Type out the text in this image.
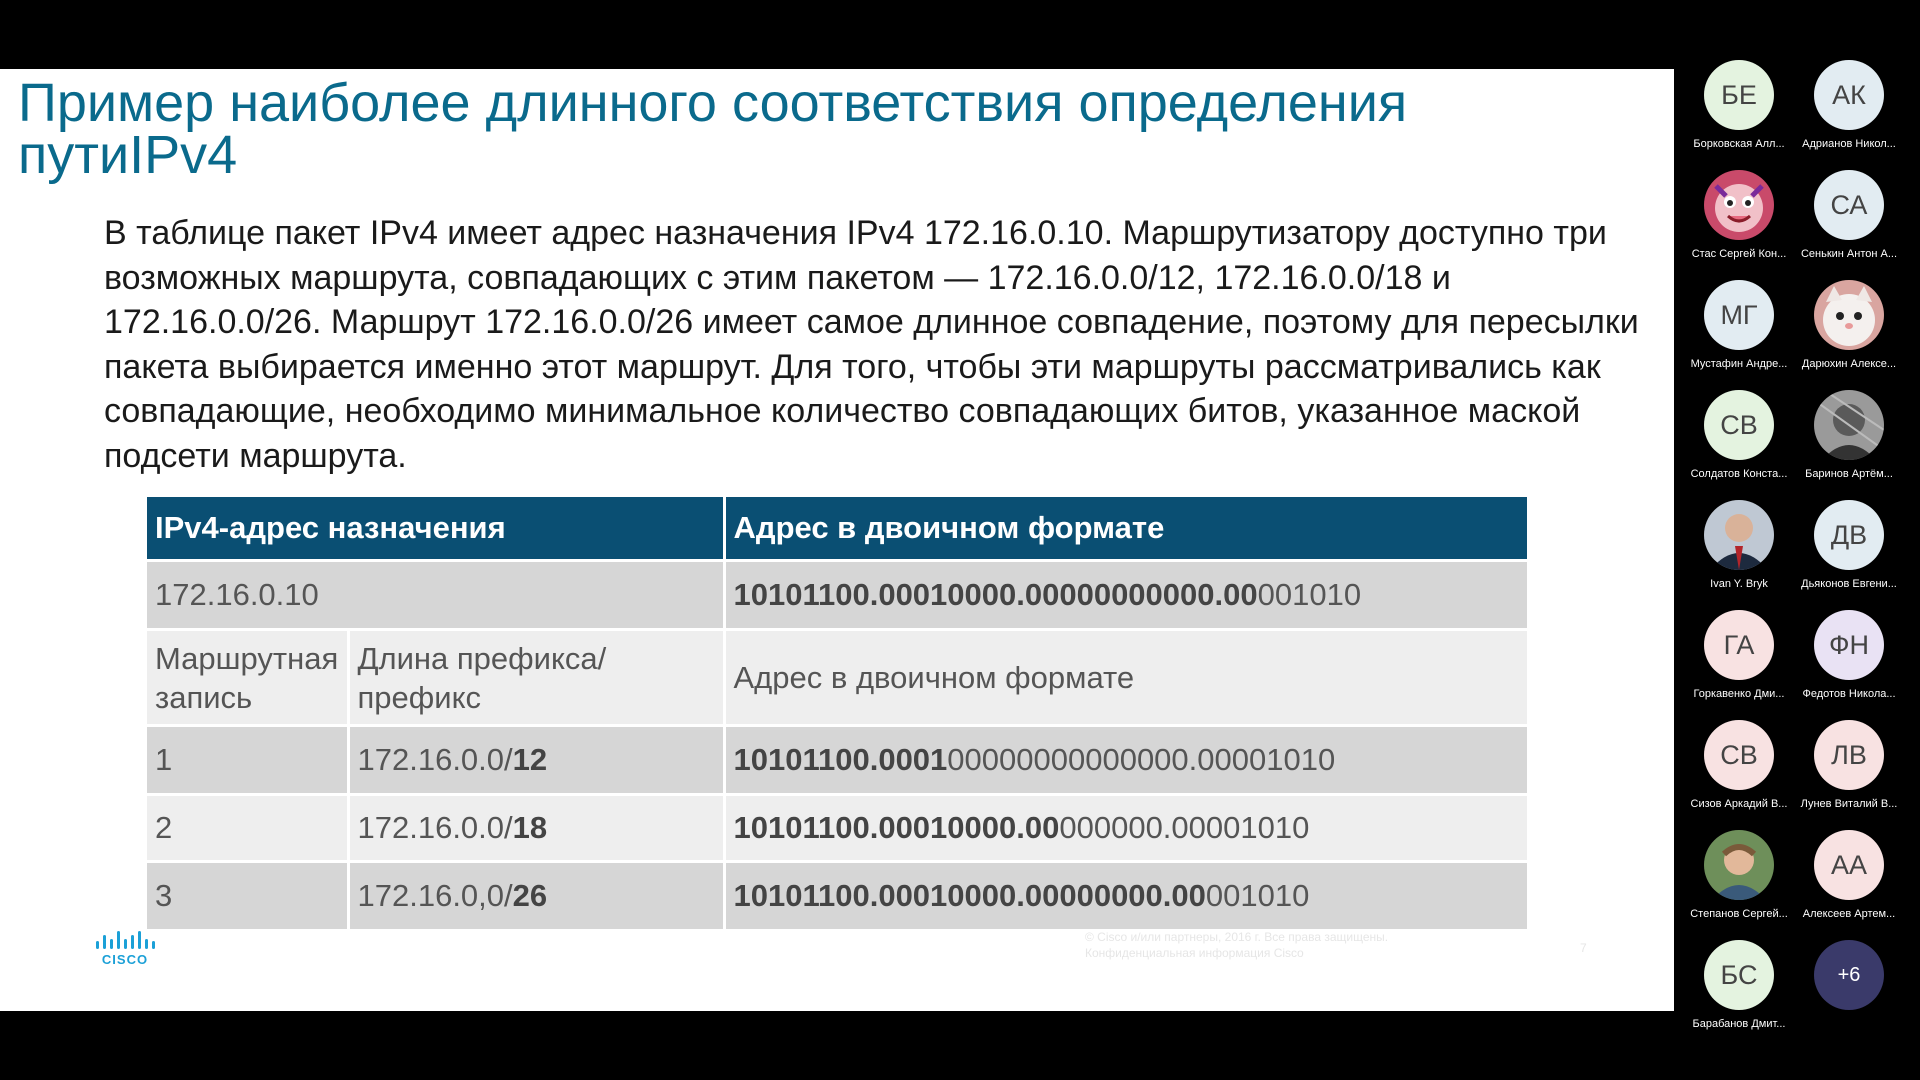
Пример наиболее длинного соответствия определения путиIPv4

В таблице пакет IPv4 имеет адрес назначения IPv4 172.16.0.10. Маршрутизатору доступно три возможных маршрута, совпадающих с этим пакетом — 172.16.0.0/12, 172.16.0.0/18 и 172.16.0.0/26. Маршрут 172.16.0.0/26 имеет самое длинное совпадение, поэтому для пересылки пакета выбирается именно этот маршрут. Для того, чтобы эти маршруты рассматривались как совпадающие, необходимо минимальное количество совпадающих битов, указанное маской подсети маршрута.

IPv4-адрес назначения		Адрес в двоичном формате
172.16.0.10		10101100.00010000.00000000000.00001010
Маршрутная запись	Длина префикса/префикс	Адрес в двоичном формате
1	172.16.0.0/12	10101100.000100000000000000.00001010
2	172.16.0.0/18	10101100.00010000.00000000.00001010
3	172.16.0,0/26	10101100.00010000.00000000.00001010
CISCO
© Cisco и/или партнеры, 2016 г. Все права защищены.
Конфиденциальная информация Cisco	7
БЕ
Борковская Алл...
АК
Адрианов Никол...
Стас Сергей Кон...
СА
Сенькин Антон А...
МГ
Мустафин Андре...	Дарюхин Алексе...
СВ
Солдатов Конста...	Баринов Артём...
Ivan Y. Bryk
ДВ
Дьяконов Евгени...
ГА
Горкавенко Дми...
ФН
Федотов Никола...
СВ
Сизов Аркадий В...
ЛВ
Лунев Виталий В...
Степанов Сергей...
АА
Алексеев Артем...
БС
Барабанов Дмит...
+6
